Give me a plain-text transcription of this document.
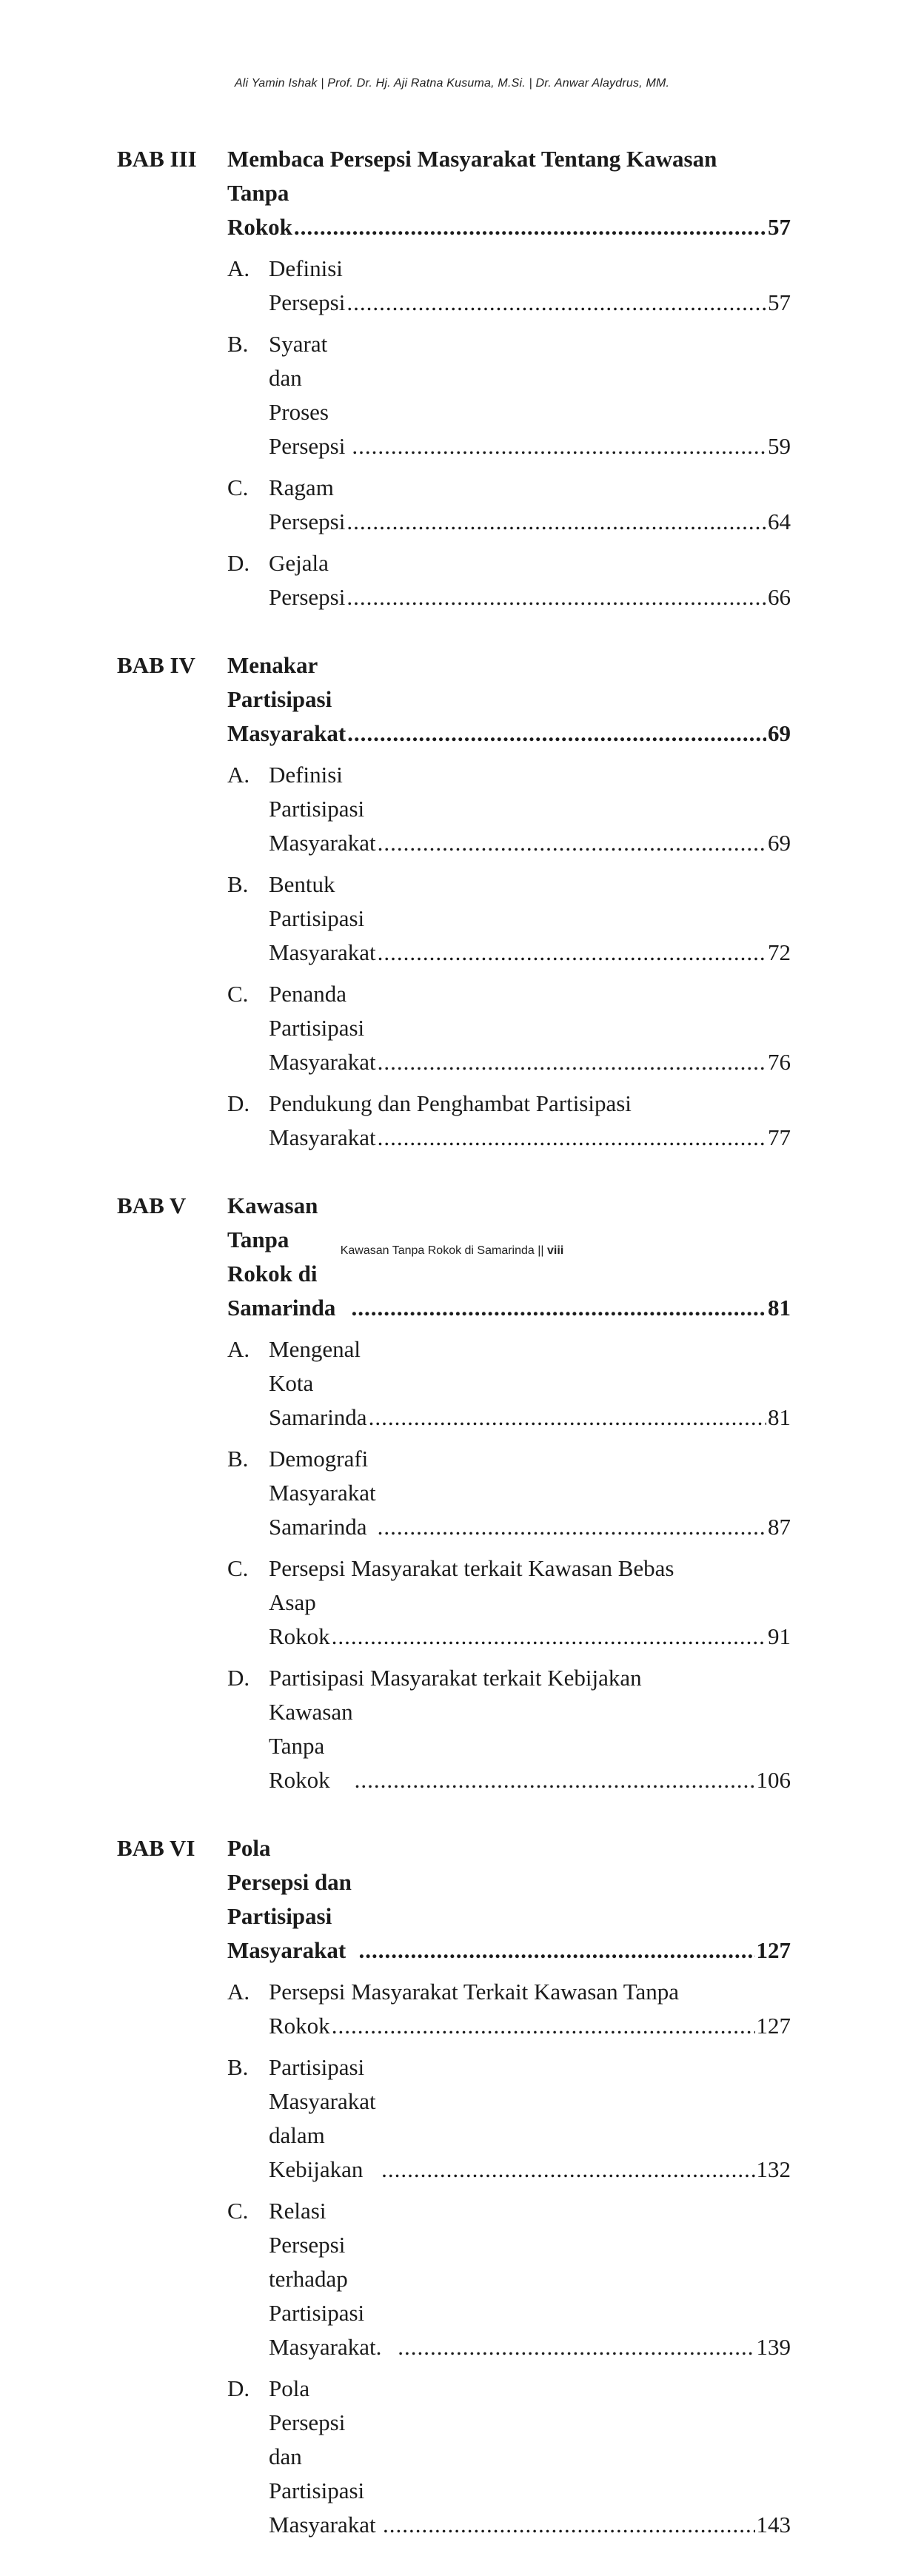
Ali Yamin Ishak | Prof. Dr. Hj. Aji Ratna Kusuma, M.Si. | Dr. Anwar Alaydrus, MM.
BAB III	Membaca Persepsi Masyarakat Tentang Kawasan
Tanpa Rokok .....	57
A. Definisi Persepsi .....	57
B. Syarat dan Proses Persepsi .....	59
C. Ragam Persepsi .....	64
D. Gejala Persepsi .....	66
BAB IV	Menakar Partisipasi Masyarakat .....	69
A. Definisi Partisipasi Masyarakat .....	69
B. Bentuk Partisipasi Masyarakat .....	72
C. Penanda Partisipasi Masyarakat .....	76
D. Pendukung dan Penghambat Partisipasi
Masyarakat .....	77
BAB V	Kawasan Tanpa Rokok di Samarinda .....	81
A. Mengenal Kota Samarinda .....	81
B. Demografi Masyarakat Samarinda .....	87
C. Persepsi Masyarakat terkait Kawasan Bebas
Asap Rokok .....	91
D. Partisipasi Masyarakat terkait Kebijakan
Kawasan Tanpa Rokok .....	106
BAB VI	Pola Persepsi dan Partisipasi Masyarakat .....	127
A. Persepsi Masyarakat Terkait Kawasan Tanpa
Rokok .....	127
B. Partisipasi Masyarakat dalam Kebijakan .....	132
C. Relasi Persepsi terhadap Partisipasi Masyarakat. .....	139
D. Pola Persepsi dan Partisipasi Masyarakat .....	143
Kawasan Tanpa Rokok di Samarinda || viii
